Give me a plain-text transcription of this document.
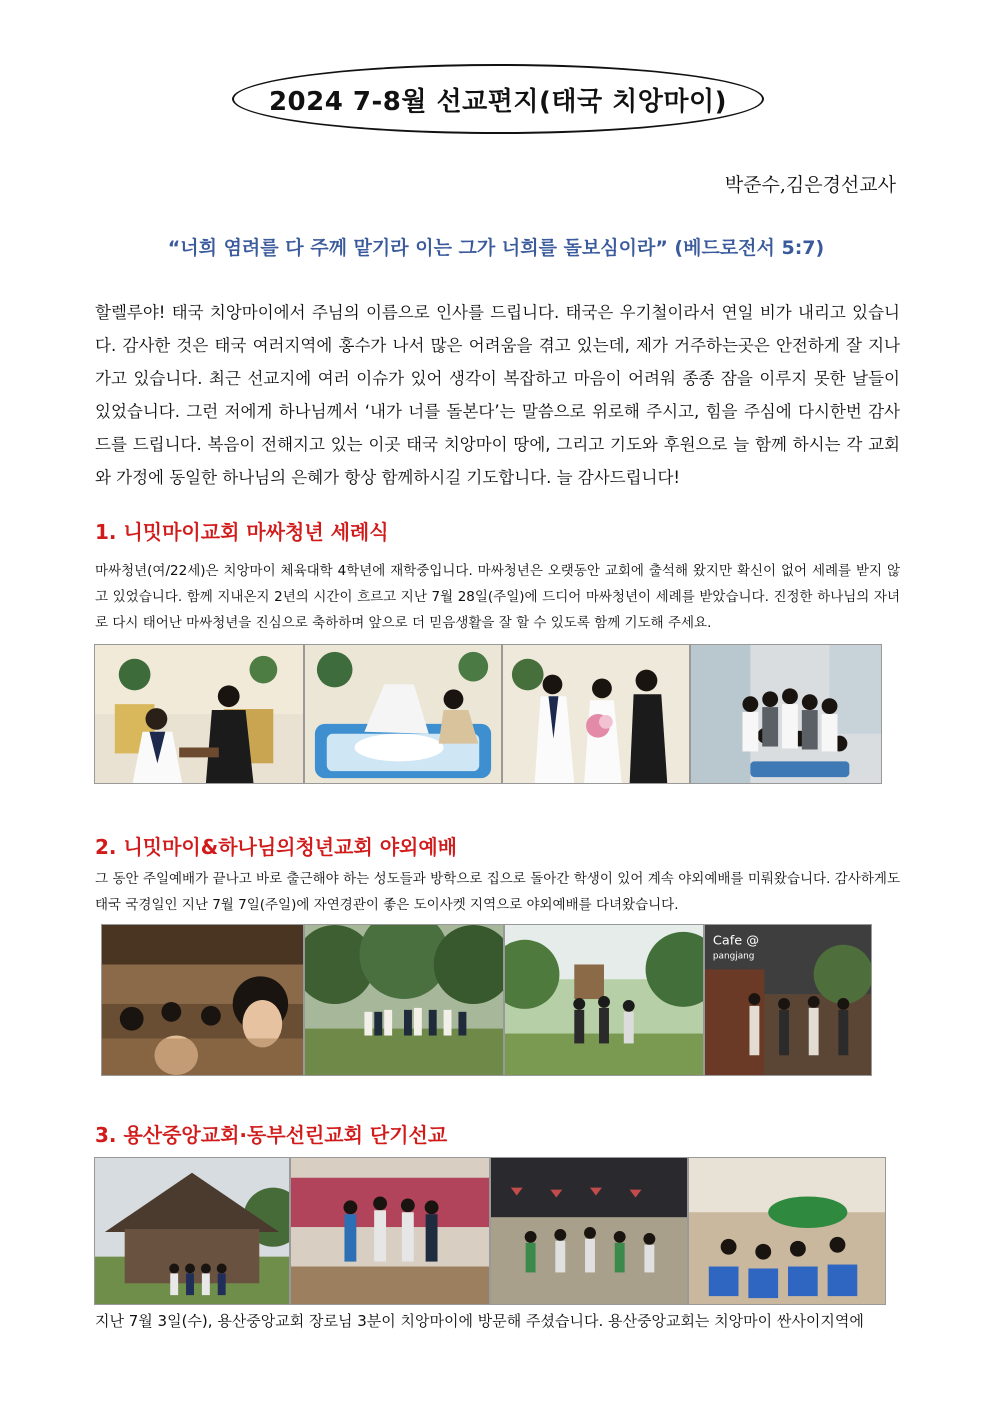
2024 7-8월 선교편지(태국 치앙마이)
박준수,김은경선교사
“너희 염려를 다 주께 맡기라 이는 그가 너희를 돌보심이라” (베드로전서 5:7)
할렐루야! 태국 치앙마이에서 주님의 이름으로 인사를 드립니다. 태국은 우기철이라서 연일 비가 내리고 있습니다. 감사한 것은 태국 여러지역에 홍수가 나서 많은 어려움을 겪고 있는데, 제가 거주하는곳은 안전하게 잘 지나가고 있습니다. 최근 선교지에 여러 이슈가 있어 생각이 복잡하고 마음이 어려워 종종 잠을 이루지 못한 날들이 있었습니다. 그런 저에게 하나님께서 ‘내가 너를 돌본다’는 말씀으로 위로해 주시고, 힘을 주심에 다시한번 감사드를 드립니다. 복음이 전해지고 있는 이곳 태국 치앙마이 땅에, 그리고 기도와 후원으로 늘 함께 하시는 각 교회와 가정에 동일한 하나님의 은혜가 항상 함께하시길 기도합니다. 늘 감사드립니다!
1. 니밋마이교회 마싸청년 세례식
마싸청년(여/22세)은 치앙마이 체육대학 4학년에 재학중입니다. 마싸청년은 오랫동안 교회에 출석해 왔지만 확신이 없어 세례를 받지 않고 있었습니다. 함께 지내온지 2년의 시간이 흐르고 지난 7월 28일(주일)에 드디어 마싸청년이 세례를 받았습니다. 진정한 하나님의 자녀로 다시 태어난 마싸청년을 진심으로 축하하며 앞으로 더 믿음생활을 잘 할 수 있도록 함께 기도해 주세요.
2. 니밋마이&하나님의청년교회 야외예배
그 동안 주일예배가 끝나고 바로 출근해야 하는 성도들과 방학으로 집으로 돌아간 학생이 있어 계속 야외예배를 미뤄왔습니다. 감사하게도 태국 국경일인 지난 7월 7일(주일)에 자연경관이 좋은 도이사켓 지역으로 야외예배를 다녀왔습니다.
Cafe @
pangjang
3. 용산중앙교회·동부선린교회 단기선교
지난 7월 3일(수), 용산중앙교회 장로님 3분이 치앙마이에 방문해 주셨습니다. 용산중앙교회는 치앙마이 싼사이지역에
